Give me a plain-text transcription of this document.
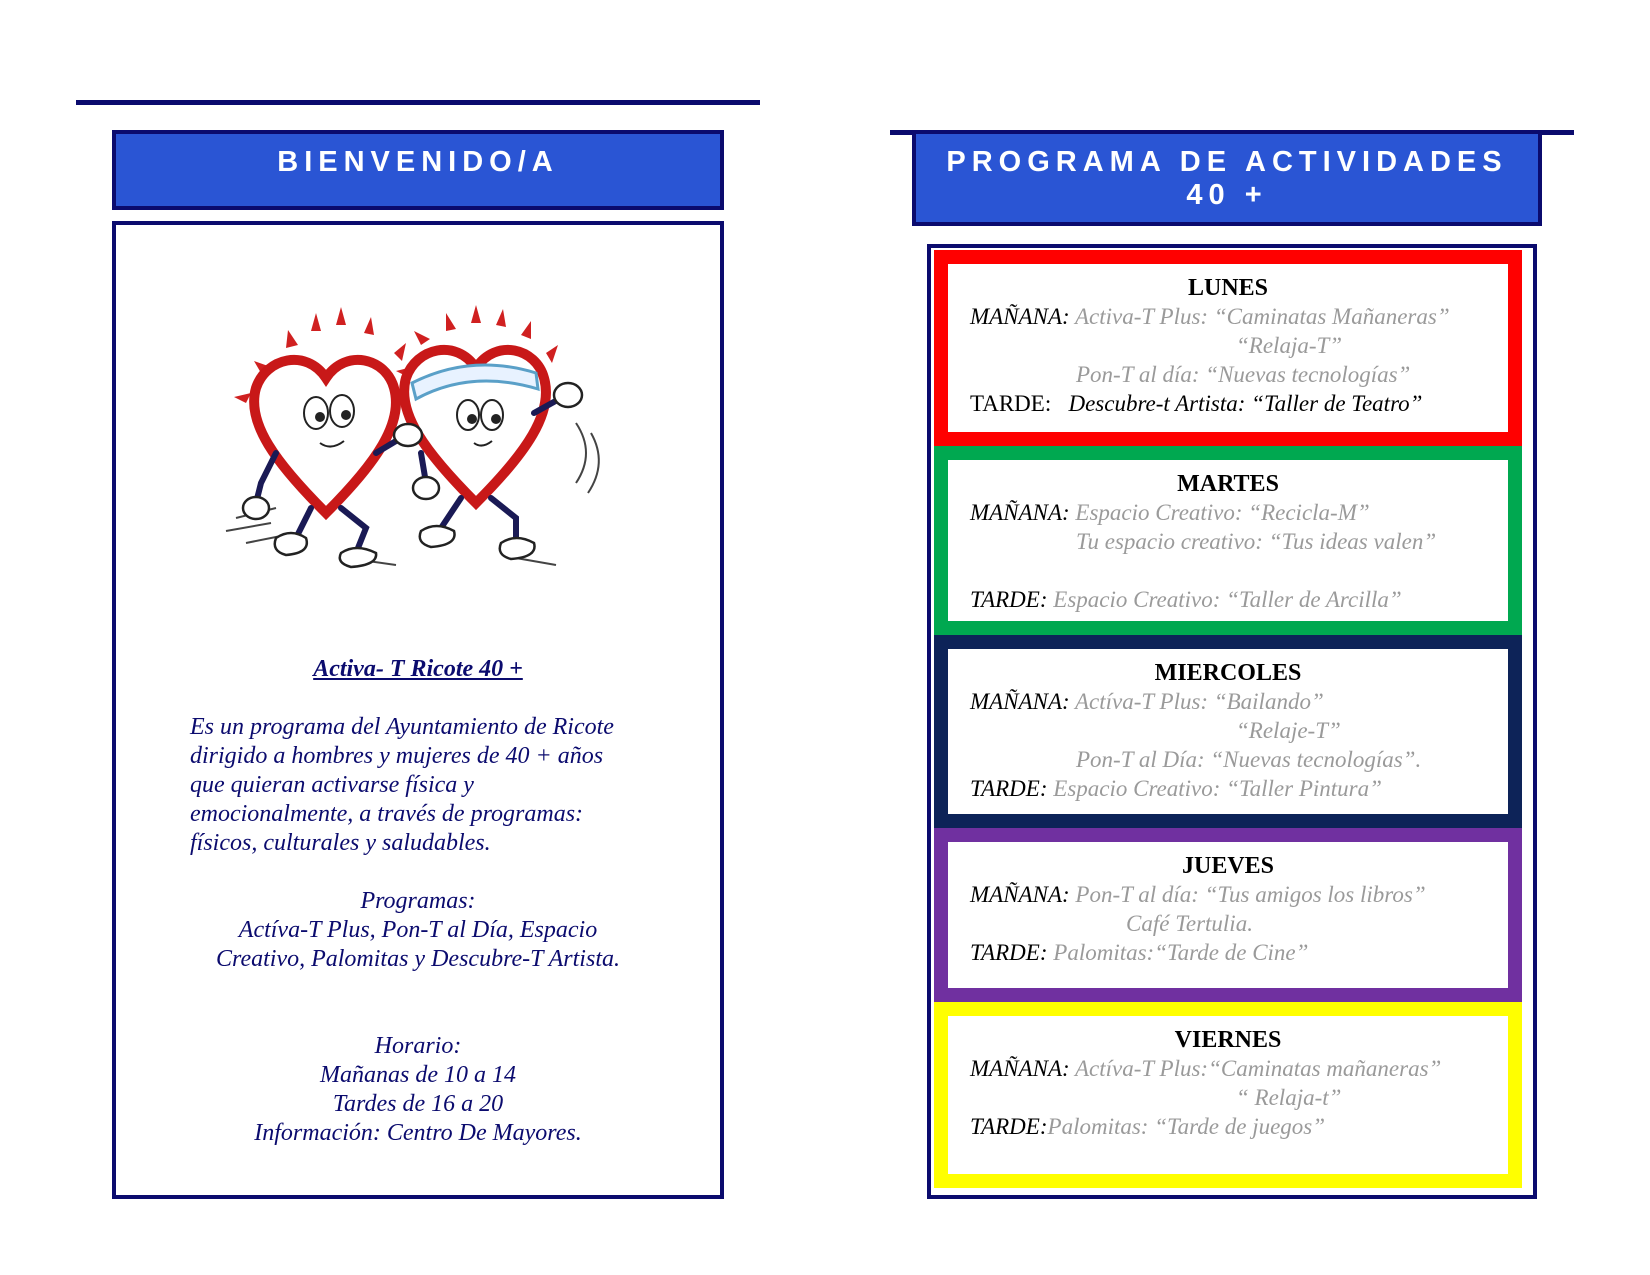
BIENVENIDO/A
Activa- T Ricote 40 +
Es un programa del Ayuntamiento de Ricote
dirigido a hombres y mujeres de 40 + años
que quieran activarse física y
emocionalmente, a través de programas:
físicos, culturales y saludables.
Programas:
Actíva-T Plus, Pon-T al Día, Espacio
Creativo, Palomitas y Descubre-T Artista.
Horario:
Mañanas de 10 a 14
Tardes de 16 a 20
Información: Centro De Mayores.
PROGRAMA DE ACTIVIDADES
40 +
LUNES
MAÑANA: Activa-T Plus: “Caminatas Mañaneras”
“Relaja-T”
Pon-T al día: “Nuevas tecnologías”
TARDE: Descubre-t Artista: “Taller de Teatro”
MARTES
MAÑANA: Espacio Creativo: “Recicla-M”
Tu espacio creativo: “Tus ideas valen”

TARDE: Espacio Creativo: “Taller de Arcilla”
MIERCOLES
MAÑANA: Actíva-T Plus: “Bailando”
“Relaje-T”
Pon-T al Día: “Nuevas tecnologías”.
TARDE: Espacio Creativo: “Taller Pintura”
JUEVES
MAÑANA: Pon-T al día: “Tus amigos los libros”
Café Tertulia.
TARDE: Palomitas:“Tarde de Cine”
VIERNES
MAÑANA: Actíva-T Plus:“Caminatas mañaneras”
“ Relaja-t”
TARDE:Palomitas: “Tarde de juegos”
